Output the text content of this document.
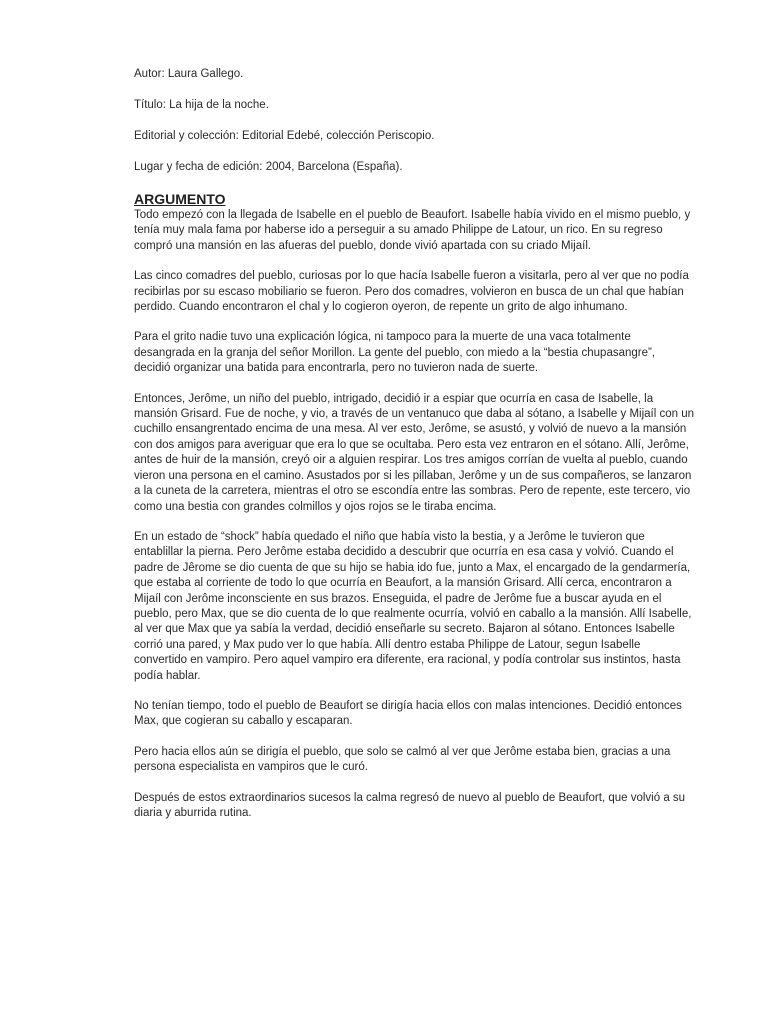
Autor: Laura Gallego.

Título: La hija de la noche.

Editorial y colección: Editorial Edebé, colección Periscopio.

Lugar y fecha de edición: 2004, Barcelona (España).

ARGUMENTO

Todo empezó con la llegada de Isabelle en el pueblo de Beaufort. Isabelle había vivido en el mismo pueblo, y tenía muy mala fama por haberse ido a perseguir a su amado Philippe de Latour, un rico. En su regreso compró una mansión en las afueras del pueblo, donde vivió apartada con su criado Mijaíl.

Las cinco comadres del pueblo, curiosas por lo que hacía Isabelle fueron a visitarla, pero al ver que no podía recibirlas por su escaso mobiliario se fueron. Pero dos comadres, volvieron en busca de un chal que habían perdido. Cuando encontraron el chal y lo cogieron oyeron, de repente un grito de algo inhumano.

Para el grito nadie tuvo una explicación lógica, ni tampoco para la muerte de una vaca totalmente desangrada en la granja del señor Morillon. La gente del pueblo, con miedo a la “bestia chupasangre”, decidió organizar una batida para encontrarla, pero no tuvieron nada de suerte.

Entonces, Jerôme, un niño del pueblo, intrigado, decidió ir a espiar que ocurría en casa de Isabelle, la mansión Grisard. Fue de noche, y vio, a través de un ventanuco que daba al sótano, a Isabelle y Mijaíl con un cuchillo ensangrentado encima de una mesa. Al ver esto, Jerôme, se asustó, y volvió de nuevo a la mansión con dos amigos para averiguar que era lo que se ocultaba. Pero esta vez entraron en el sótano. Allí, Jerôme, antes de huir de la mansión, creyó oir a alguien respirar. Los tres amigos corrían de vuelta al pueblo, cuando vieron una persona en el camino. Asustados por si les pillaban, Jerôme y un de sus compañeros, se lanzaron a la cuneta de la carretera, mientras el otro se escondía entre las sombras. Pero de repente, este tercero, vio como una bestia con grandes colmillos y ojos rojos se le tiraba encima.

En un estado de “shock” había quedado el niño que había visto la bestia, y a Jerôme le tuvieron que entablillar la pierna. Pero Jerôme estaba decidido a descubrir que ocurría en esa casa y volvió. Cuando el padre de Jêrome se dio cuenta de que su hijo se habia ido fue, junto a Max, el encargado de la gendarmería, que estaba al corriente de todo lo que ocurría en Beaufort, a la mansión Grisard. Allí cerca, encontraron a Mijaíl con Jerôme inconsciente en sus brazos. Enseguida, el padre de Jerôme fue a buscar ayuda en el pueblo, pero Max, que se dio cuenta de lo que realmente ocurría, volvió en caballo a la mansión. Allí Isabelle, al ver que Max que ya sabía la verdad, decidió enseñarle su secreto. Bajaron al sótano. Entonces Isabelle corrió una pared, y Max pudo ver lo que había. Allí dentro estaba Philippe de Latour, segun Isabelle convertido en vampiro. Pero aquel vampiro era diferente, era racional, y podía controlar sus instintos, hasta podía hablar.

No tenían tiempo, todo el pueblo de Beaufort se dirigía hacia ellos con malas intenciones. Decidió entonces Max, que cogieran su caballo y escaparan.

Pero hacia ellos aún se dirigía el pueblo, que solo se calmó al ver que Jerôme estaba bien, gracias a una persona especialista en vampiros que le curó.

Después de estos extraordinarios sucesos la calma regresó de nuevo al pueblo de Beaufort, que volvió a su diaria y aburrida rutina.
